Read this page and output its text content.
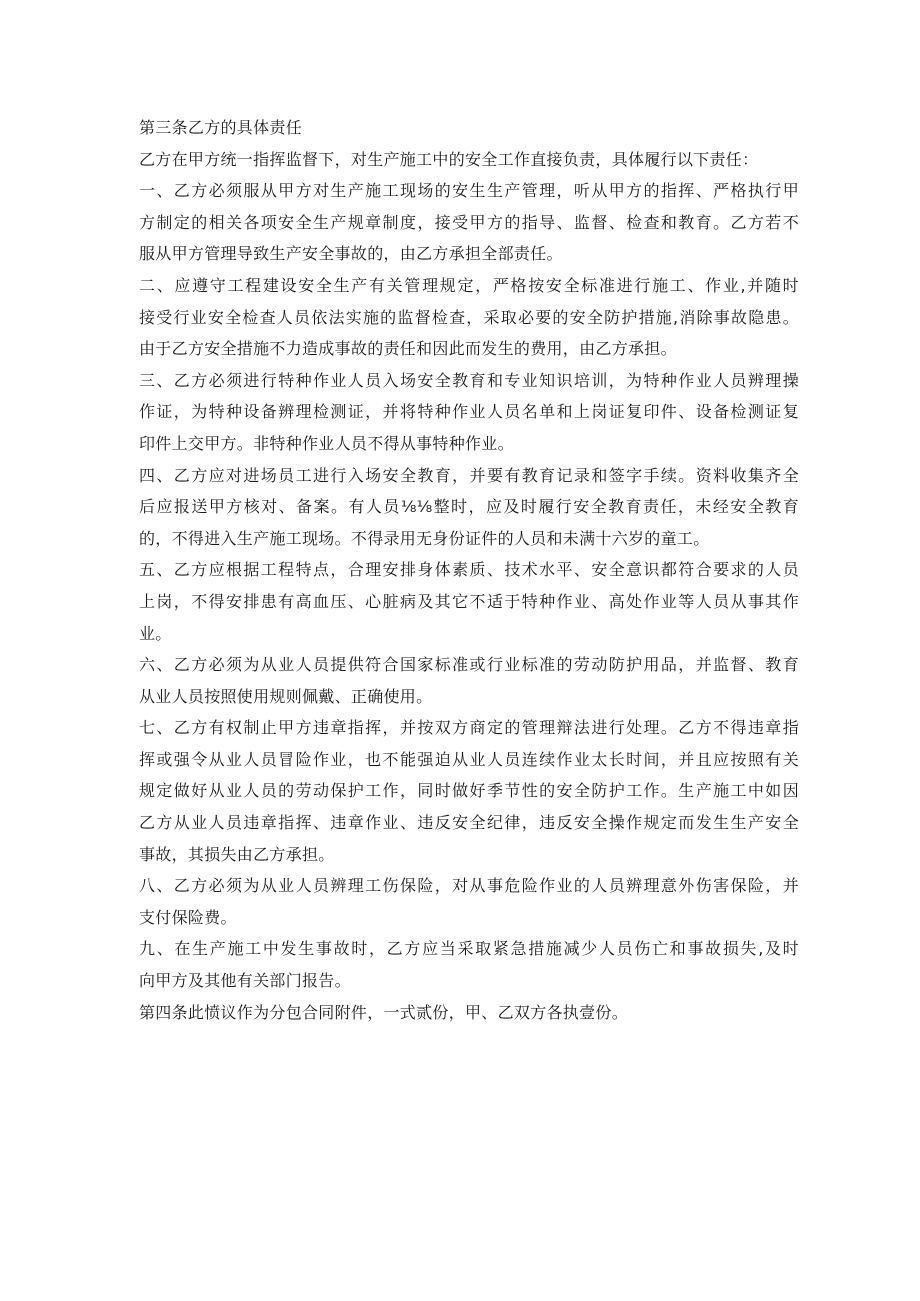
第三条乙方的具体责任
乙方在甲方统一指挥监督下，对生产施工中的安全工作直接负责，具体履行以下责任：
一、乙方必须服从甲方对生产施工现场的安生生产管理，听从甲方的指挥、严格执行甲
方制定的相关各项安全生产规章制度，接受甲方的指导、监督、检查和教育。乙方若不
服从甲方管理导致生产安全事故的，由乙方承担全部责任。
二、应遵守工程建设安全生产有关管理规定，严格按安全标准进行施工、作业,并随时
接受行业安全检查人员依法实施的监督检查，采取必要的安全防护措施,消除事故隐患。
由于乙方安全措施不力造成事故的责任和因此而发生的费用，由乙方承担。
三、乙方必须进行特种作业人员入场安全教育和专业知识培训，为特种作业人员辨理操
作证，为特种设备辨理检测证，并将特种作业人员名单和上岗证复印件、设备检测证复
印件上交甲方。非特种作业人员不得从事特种作业。
四、乙方应对进场员工进行入场安全教育，并要有教育记录和签字手续。资料收集齐全
后应报送甲方核对、备案。有人员⅛⅛整时，应及时履行安全教育责任，未经安全教育
的，不得进入生产施工现场。不得录用无身份证件的人员和未满十六岁的童工。
五、乙方应根据工程特点，合理安排身体素质、技术水平、安全意识都符合要求的人员
上岗，不得安排患有高血压、心脏病及其它不适于特种作业、高处作业等人员从事其作
业。
六、乙方必须为从业人员提供符合国家标准或行业标准的劳动防护用品，并监督、教育
从业人员按照使用规则佩戴、正确使用。
七、乙方有权制止甲方违章指挥，并按双方商定的管理辩法进行处理。乙方不得违章指
挥或强令从业人员冒险作业，也不能强迫从业人员连续作业太长时间，并且应按照有关
规定做好从业人员的劳动保护工作，同时做好季节性的安全防护工作。生产施工中如因
乙方从业人员违章指挥、违章作业、违反安全纪律，违反安全操作规定而发生生产安全
事故，其损失由乙方承担。
八、乙方必须为从业人员辨理工伤保险，对从事危险作业的人员辨理意外伤害保险，并
支付保险费。
九、在生产施工中发生事故时，乙方应当采取紧急措施减少人员伤亡和事故损失,及时
向甲方及其他有关部门报告。
第四条此愤议作为分包合同附件，一式贰份，甲、乙双方各执壹份。
